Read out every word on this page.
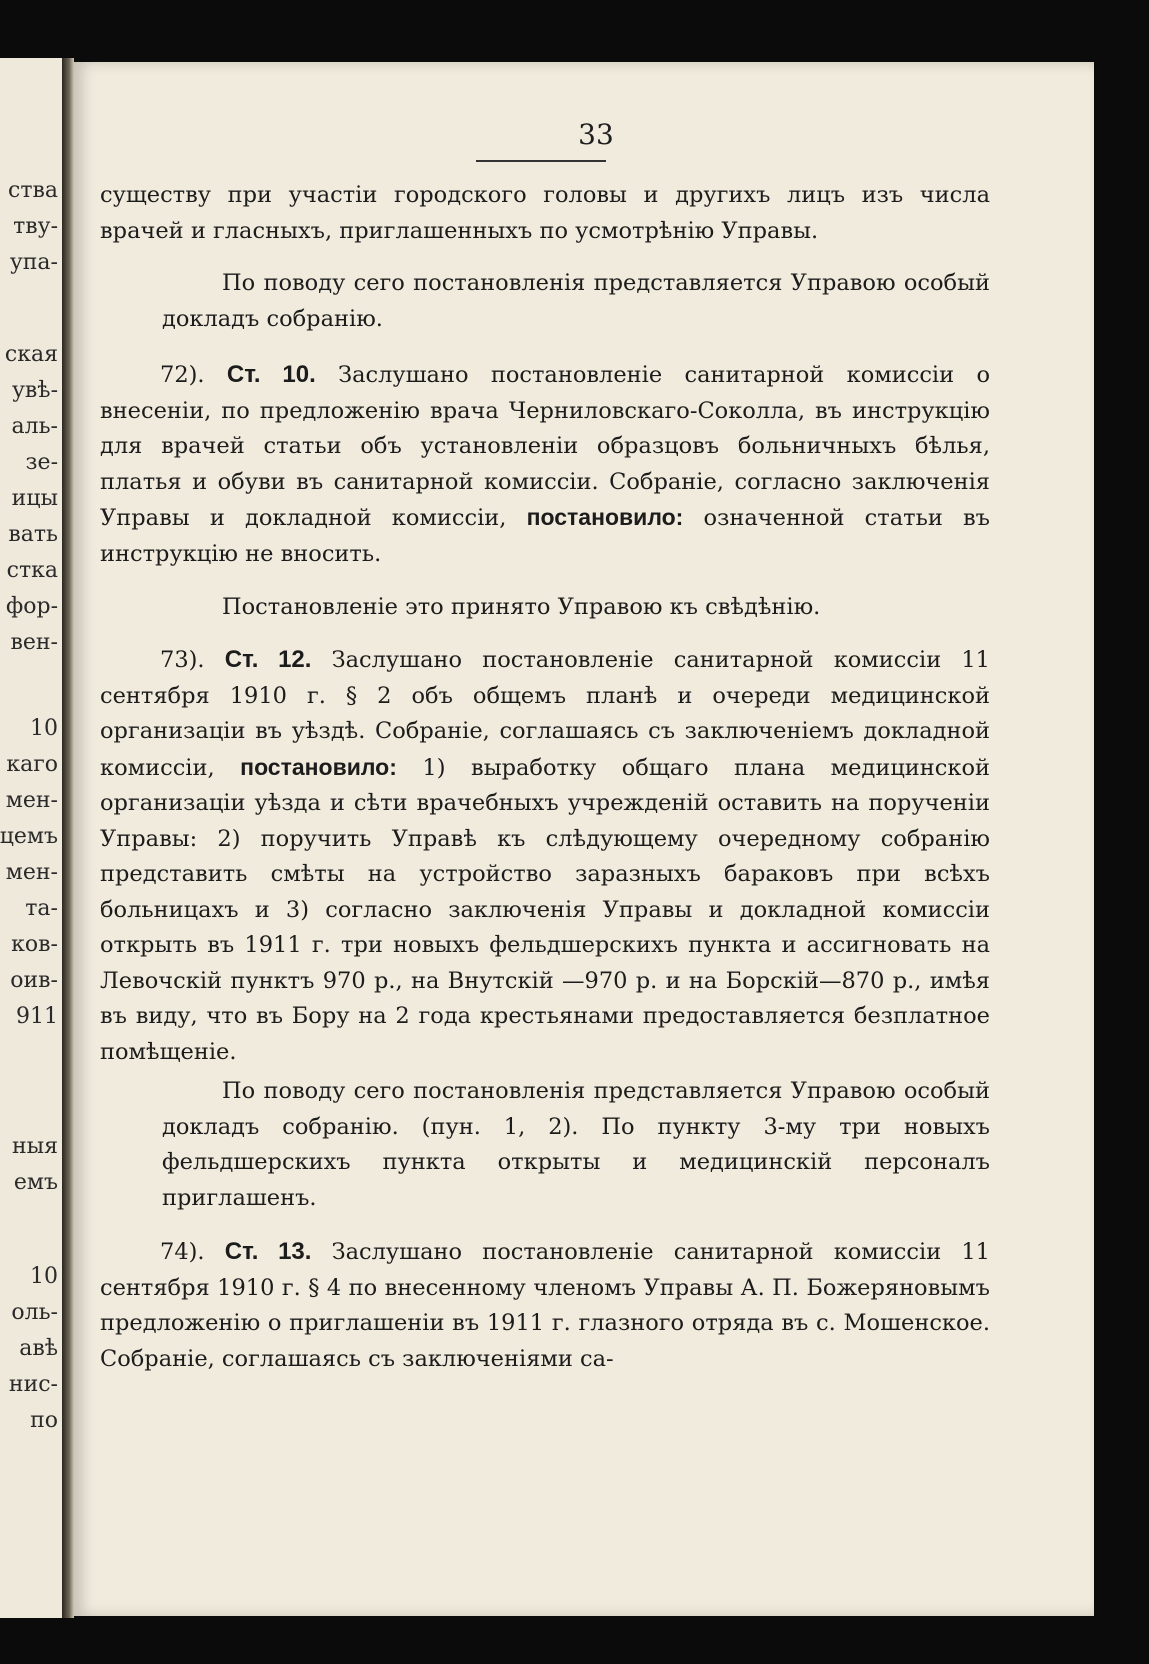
ства
тву-
упа-
ская
увѣ-
аль-
зе-
ицы
вать
стка
фор-
вен-
10
каго
мен-
цемъ
мен-
та-
ков-
оив-
911
ныя
емъ
10
оль-
авѣ
нис-
по
33
существу при участіи городского головы и другихъ лицъ изъ числа врачей и гласныхъ, приглашенныхъ по усмотрѣнію Управы.
По поводу сего постановленія представляется Управою особый докладъ собранію.
72). Ст. 10. Заслушано постановленіе санитарной комиссіи о внесеніи, по предложенію врача Черниловскаго-Соколла, въ инструкцію для врачей статьи объ установленіи образцовъ больничныхъ бѣлья, платья и обуви въ санитарной комиссіи. Собраніе, согласно заключенія Управы и докладной комиссіи, постановило: означенной статьи въ инструкцію не вносить.
Постановленіе это принято Управою къ свѣдѣнію.
73). Ст. 12. Заслушано постановленіе санитарной комиссіи 11 сентября 1910 г. § 2 объ общемъ планѣ и очереди медицинской организаціи въ уѣздѣ. Собраніе, соглашаясь съ заключеніемъ докладной комиссіи, постановило: 1) выработку общаго плана медицинской организаціи уѣзда и сѣти врачебныхъ учрежденій оставить на порученіи Управы: 2) поручить Управѣ къ слѣдующему очередному собранію представить смѣты на устройство заразныхъ бараковъ при всѣхъ больницахъ и 3) согласно заключенія Управы и докладной комиссіи открыть въ 1911 г. три новыхъ фельдшерскихъ пункта и ассигновать на Левочскій пунктъ 970 р., на Внутскій —970 р. и на Борскій—870 р., имѣя въ виду, что въ Бору на 2 года крестьянами предоставляется безплатное помѣщеніе.
По поводу сего постановленія представляется Управою особый докладъ собранію. (пун. 1, 2). По пункту 3-му три новыхъ фельдшерскихъ пункта открыты и медицинскій персоналъ приглашенъ.
74). Ст. 13. Заслушано постановленіе санитарной комиссіи 11 сентября 1910 г. § 4 по внесенному членомъ Управы А. П. Божеряновымъ предложенію о приглашеніи въ 1911 г. глазного отряда въ с. Мошенское. Собраніе, соглашаясь съ заключеніями са-
